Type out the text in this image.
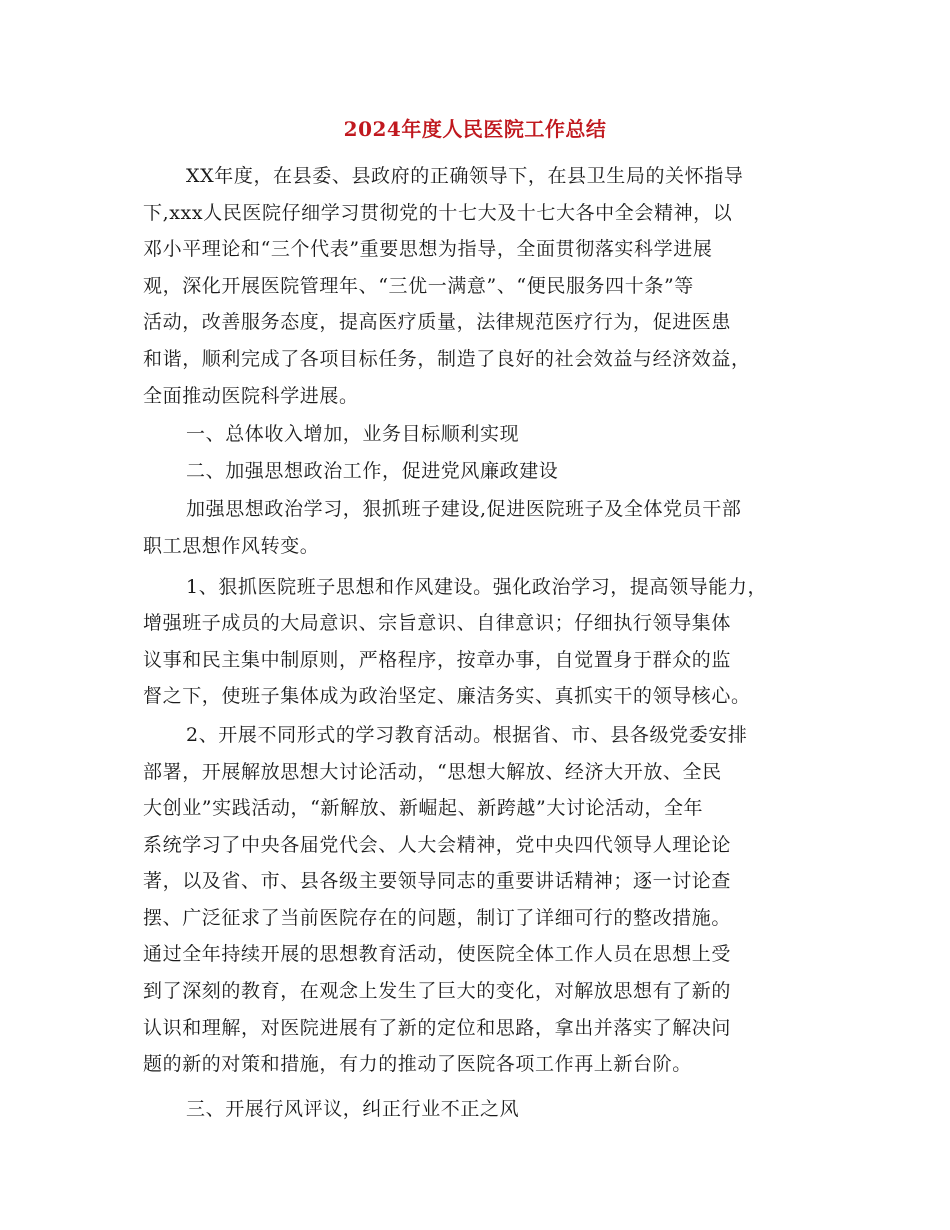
2024年度人民医院工作总结
XX年度，在县委、县政府的正确领导下，在县卫生局的关怀指导
下,xxx人民医院仔细学习贯彻党的十七大及十七大各中全会精神，以
邓小平理论和“三个代表”重要思想为指导，全面贯彻落实科学进展
观，深化开展医院管理年、“三优一满意”、“便民服务四十条”等
活动，改善服务态度，提高医疗质量，法律规范医疗行为，促进医患
和谐，顺利完成了各项目标任务，制造了良好的社会效益与经济效益，
全面推动医院科学进展。
一、总体收入增加，业务目标顺利实现
二、加强思想政治工作，促进党风廉政建设
加强思想政治学习，狠抓班子建设,促进医院班子及全体党员干部
职工思想作风转变。
1、狠抓医院班子思想和作风建设。强化政治学习，提高领导能力，
增强班子成员的大局意识、宗旨意识、自律意识；仔细执行领导集体
议事和民主集中制原则，严格程序，按章办事，自觉置身于群众的监
督之下，使班子集体成为政治坚定、廉洁务实、真抓实干的领导核心。
2、开展不同形式的学习教育活动。根据省、市、县各级党委安排
部署，开展解放思想大讨论活动，“思想大解放、经济大开放、全民
大创业”实践活动，“新解放、新崛起、新跨越”大讨论活动，全年
系统学习了中央各届党代会、人大会精神，党中央四代领导人理论论
著，以及省、市、县各级主要领导同志的重要讲话精神；逐一讨论查
摆、广泛征求了当前医院存在的问题，制订了详细可行的整改措施。
通过全年持续开展的思想教育活动，使医院全体工作人员在思想上受
到了深刻的教育，在观念上发生了巨大的变化，对解放思想有了新的
认识和理解，对医院进展有了新的定位和思路，拿出并落实了解决问
题的新的对策和措施，有力的推动了医院各项工作再上新台阶。
三、开展行风评议，纠正行业不正之风
